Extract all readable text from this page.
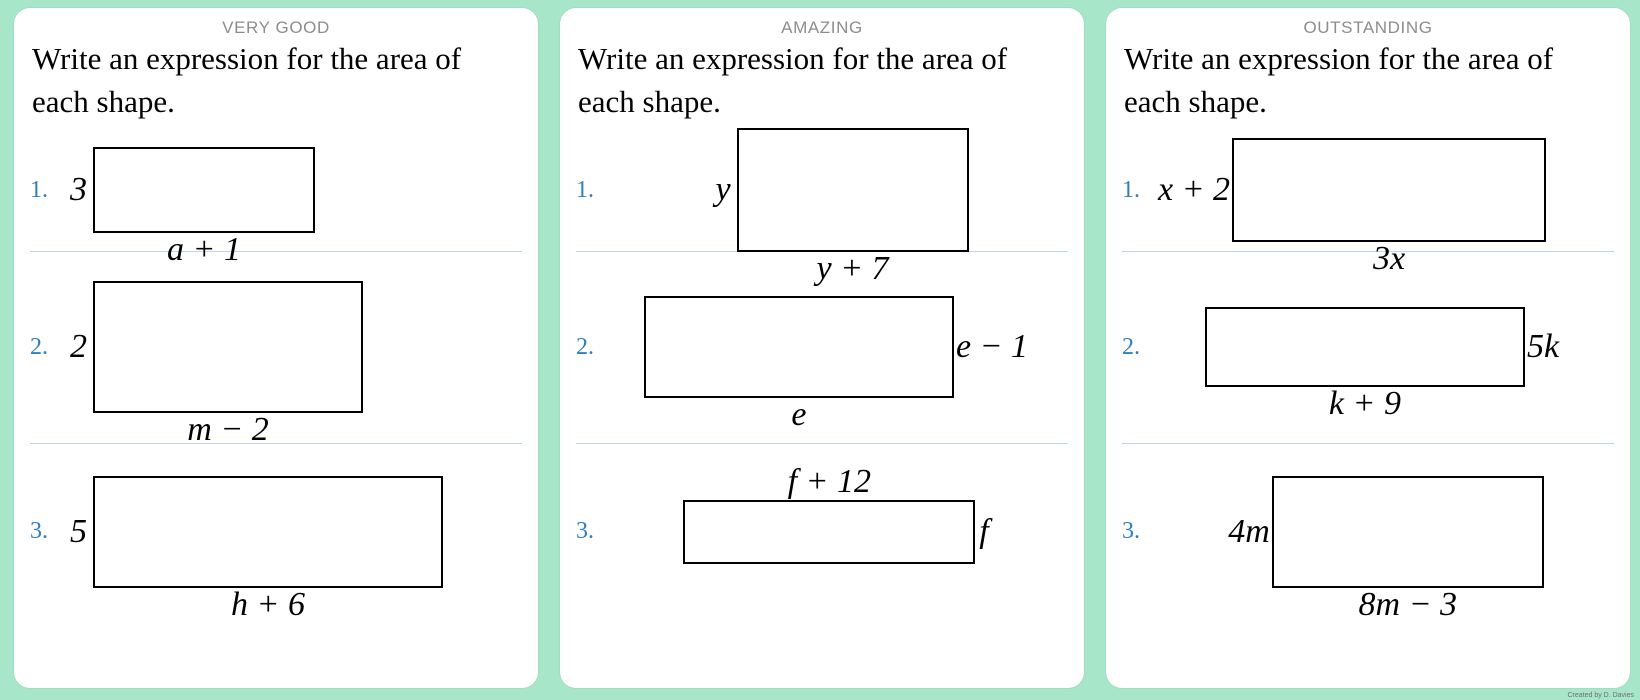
VERY GOOD
Write an expression for the area of each shape.
1. 3
a + 1
2. 2
m − 2
3. 5
h + 6
AMAZING
Write an expression for the area of each shape.
1.	y
y + 7
2.
e
e − 1
3.
f + 12
f
OUTSTANDING
Write an expression for the area of each shape.
1. x + 2
3x
2.
k + 9
5k
3.	4m
8m − 3
Created by D. Davies
